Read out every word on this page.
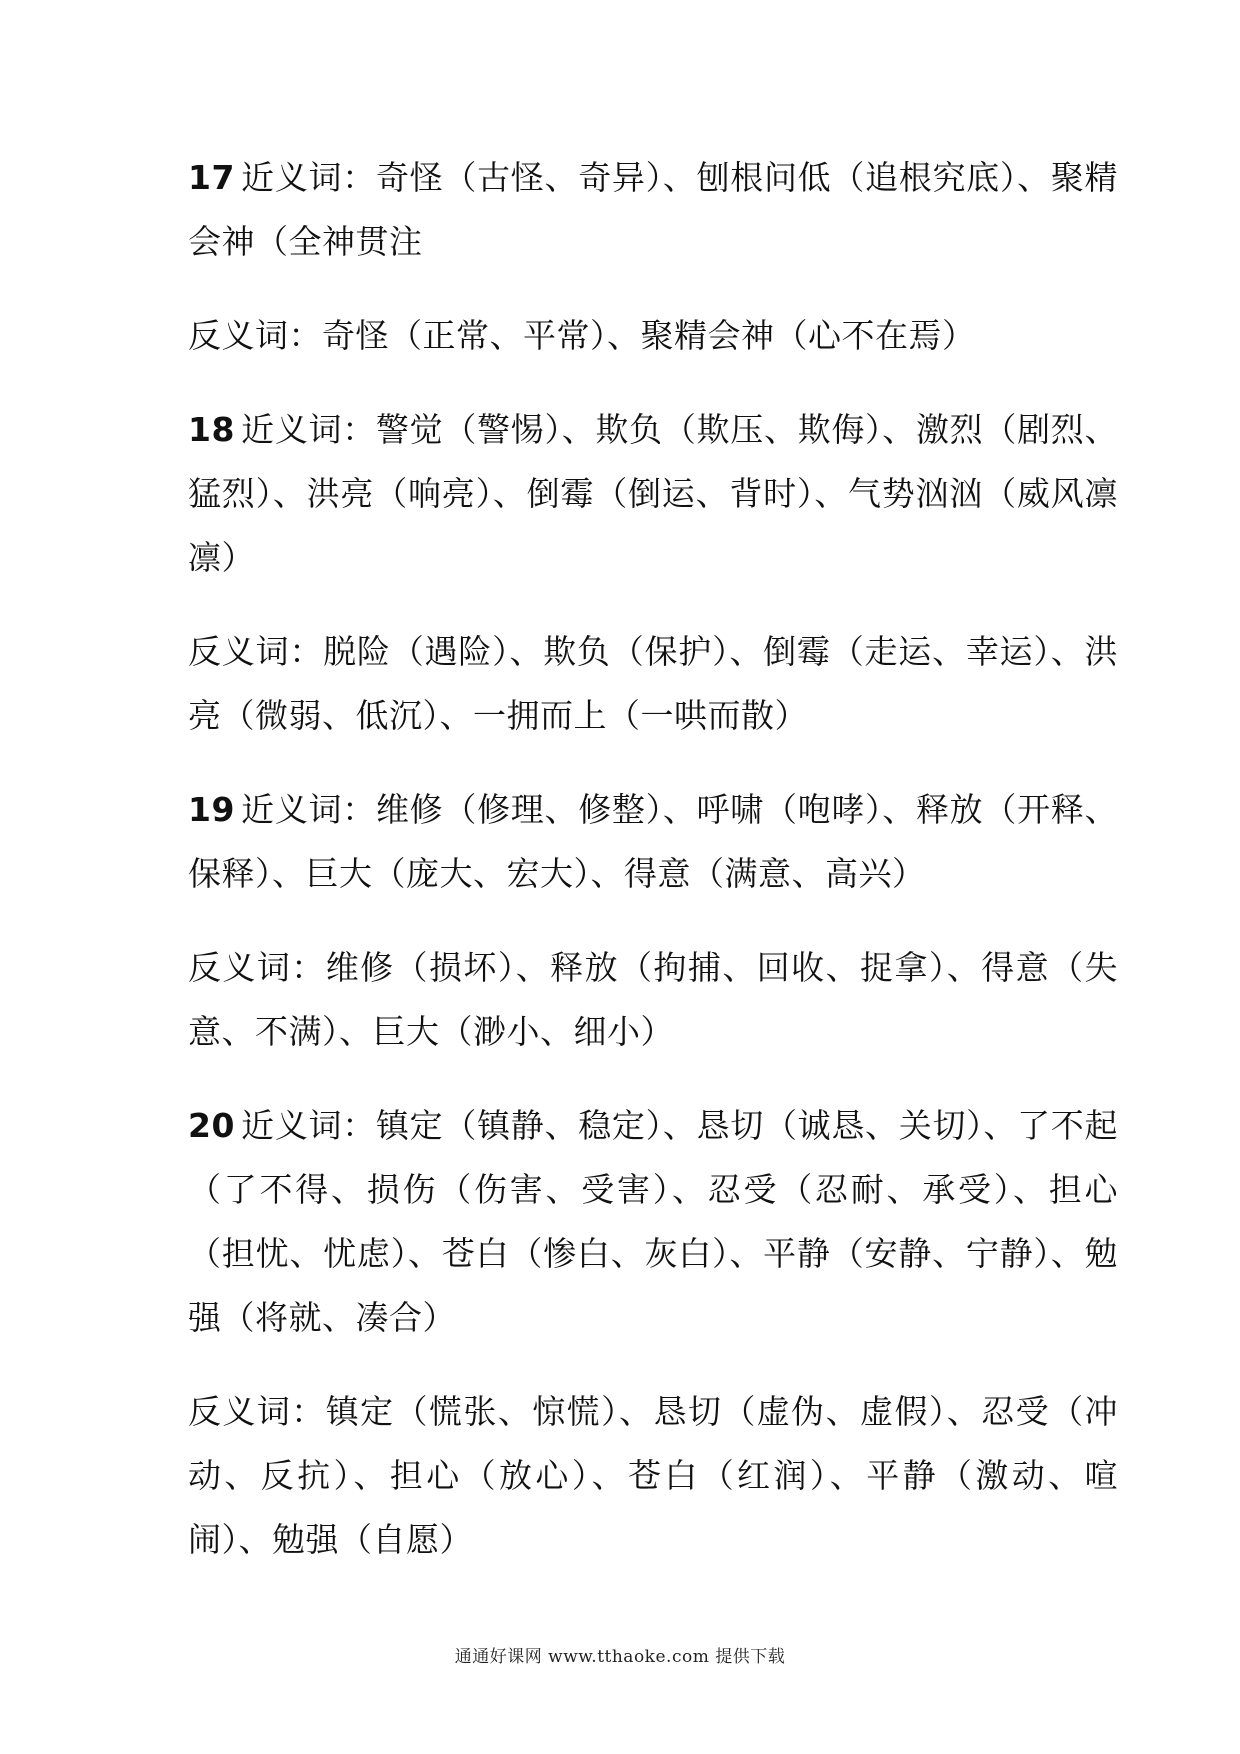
17 近义词：奇怪（古怪、奇异）、刨根问低（追根究底）、聚精会神（全神贯注

反义词：奇怪（正常、平常）、聚精会神（心不在焉）

18 近义词：警觉（警惕）、欺负（欺压、欺侮）、激烈（剧烈、猛烈）、洪亮（响亮）、倒霉（倒运、背时）、气势汹汹（威风凛凛）

反义词：脱险（遇险）、欺负（保护）、倒霉（走运、幸运）、洪亮（微弱、低沉）、一拥而上（一哄而散）

19 近义词：维修（修理、修整）、呼啸（咆哮）、释放（开释、保释）、巨大（庞大、宏大）、得意（满意、高兴）

反义词：维修（损坏）、释放（拘捕、回收、捉拿）、得意（失意、不满）、巨大（渺小、细小）

20 近义词：镇定（镇静、稳定）、恳切（诚恳、关切）、了不起（了不得、损伤（伤害、受害）、忍受（忍耐、承受）、担心（担忧、忧虑）、苍白（惨白、灰白）、平静（安静、宁静）、勉强（将就、凑合）

反义词：镇定（慌张、惊慌）、恳切（虚伪、虚假）、忍受（冲动、反抗）、担心（放心）、苍白（红润）、平静（激动、喧闹）、勉强（自愿）

通通好课网 www.tthaoke.com 提供下载
